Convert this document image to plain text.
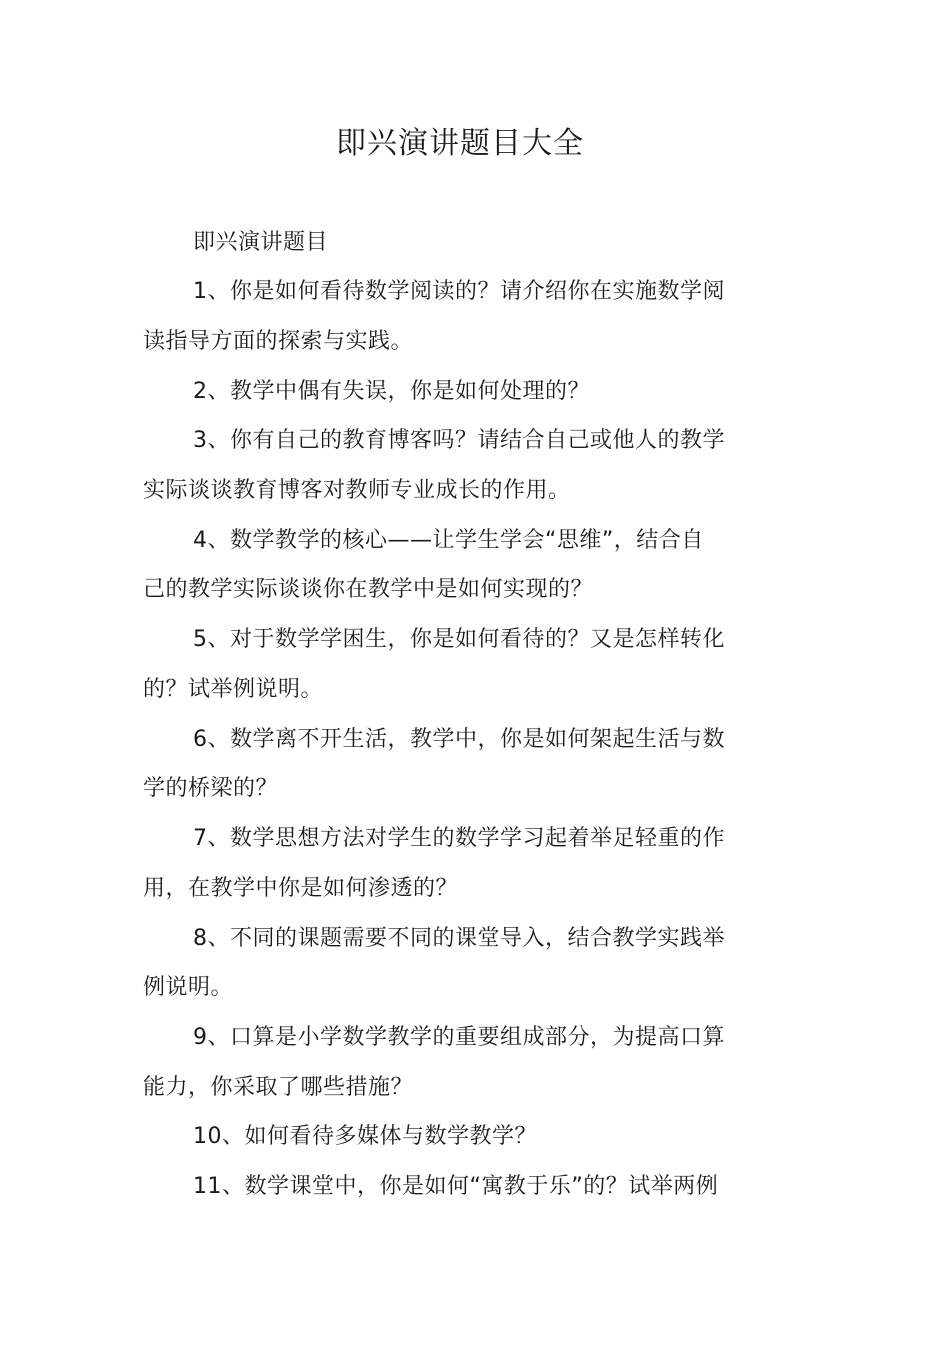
即兴演讲题目大全
即兴演讲题目
1、你是如何看待数学阅读的？请介绍你在实施数学阅
读指导方面的探索与实践。
2、教学中偶有失误，你是如何处理的？
3、你有自己的教育博客吗？请结合自己或他人的教学
实际谈谈教育博客对教师专业成长的作用。
4、数学教学的核心——让学生学会“思维”，结合自
己的教学实际谈谈你在教学中是如何实现的？
5、对于数学学困生，你是如何看待的？又是怎样转化
的？试举例说明。
6、数学离不开生活，教学中，你是如何架起生活与数
学的桥梁的？
7、数学思想方法对学生的数学学习起着举足轻重的作
用，在教学中你是如何渗透的？
8、不同的课题需要不同的课堂导入，结合教学实践举
例说明。
9、口算是小学数学教学的重要组成部分，为提高口算
能力，你采取了哪些措施？
10、如何看待多媒体与数学教学？
11、数学课堂中，你是如何“寓教于乐”的？试举两例
